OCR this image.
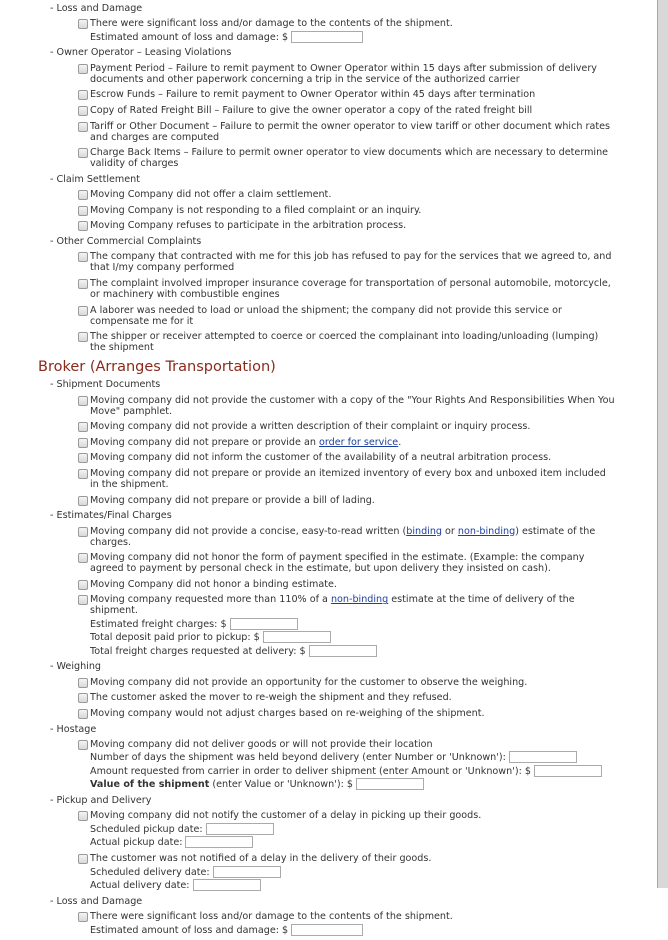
- Loss and Damage
There were significant loss and/or damage to the contents of the shipment.
Estimated amount of loss and damage: $
- Owner Operator – Leasing Violations
Payment Period – Failure to remit payment to Owner Operator within 15 days after submission of delivery documents and other paperwork concerning a trip in the service of the authorized carrier
Escrow Funds – Failure to remit payment to Owner Operator within 45 days after termination
Copy of Rated Freight Bill – Failure to give the owner operator a copy of the rated freight bill
Tariff or Other Document – Failure to permit the owner operator to view tariff or other document which rates and charges are computed
Charge Back Items – Failure to permit owner operator to view documents which are necessary to determine validity of charges
- Claim Settlement
Moving Company did not offer a claim settlement.
Moving Company is not responding to a filed complaint or an inquiry.
Moving Company refuses to participate in the arbitration process.
- Other Commercial Complaints
The company that contracted with me for this job has refused to pay for the services that we agreed to, and that I/my company performed
The complaint involved improper insurance coverage for transportation of personal automobile, motorcycle, or machinery with combustible engines
A laborer was needed to load or unload the shipment; the company did not provide this service or compensate me for it
The shipper or receiver attempted to coerce or coerced the complainant into loading/unloading (lumping) the shipment
Broker (Arranges Transportation)
- Shipment Documents
Moving company did not provide the customer with a copy of the "Your Rights And Responsibilities When You Move" pamphlet.
Moving company did not provide a written description of their complaint or inquiry process.
Moving company did not prepare or provide an order for service.
Moving company did not inform the customer of the availability of a neutral arbitration process.
Moving company did not prepare or provide an itemized inventory of every box and unboxed item included in the shipment.
Moving company did not prepare or provide a bill of lading.
- Estimates/Final Charges
Moving company did not provide a concise, easy-to-read written (binding or non-binding) estimate of the charges.
Moving company did not honor the form of payment specified in the estimate. (Example: the company agreed to payment by personal check in the estimate, but upon delivery they insisted on cash).
Moving Company did not honor a binding estimate.
Moving company requested more than 110% of a non-binding estimate at the time of delivery of the shipment.
Estimated freight charges: $
Total deposit paid prior to pickup: $
Total freight charges requested at delivery: $
- Weighing
Moving company did not provide an opportunity for the customer to observe the weighing.
The customer asked the mover to re-weigh the shipment and they refused.
Moving company would not adjust charges based on re-weighing of the shipment.
- Hostage
Moving company did not deliver goods or will not provide their location
Number of days the shipment was held beyond delivery (enter Number or 'Unknown'):
Amount requested from carrier in order to deliver shipment (enter Amount or 'Unknown'): $
Value of the shipment (enter Value or 'Unknown'): $
- Pickup and Delivery
Moving company did not notify the customer of a delay in picking up their goods.
Scheduled pickup date:
Actual pickup date:
The customer was not notified of a delay in the delivery of their goods.
Scheduled delivery date:
Actual delivery date:
- Loss and Damage
There were significant loss and/or damage to the contents of the shipment.
Estimated amount of loss and damage: $
